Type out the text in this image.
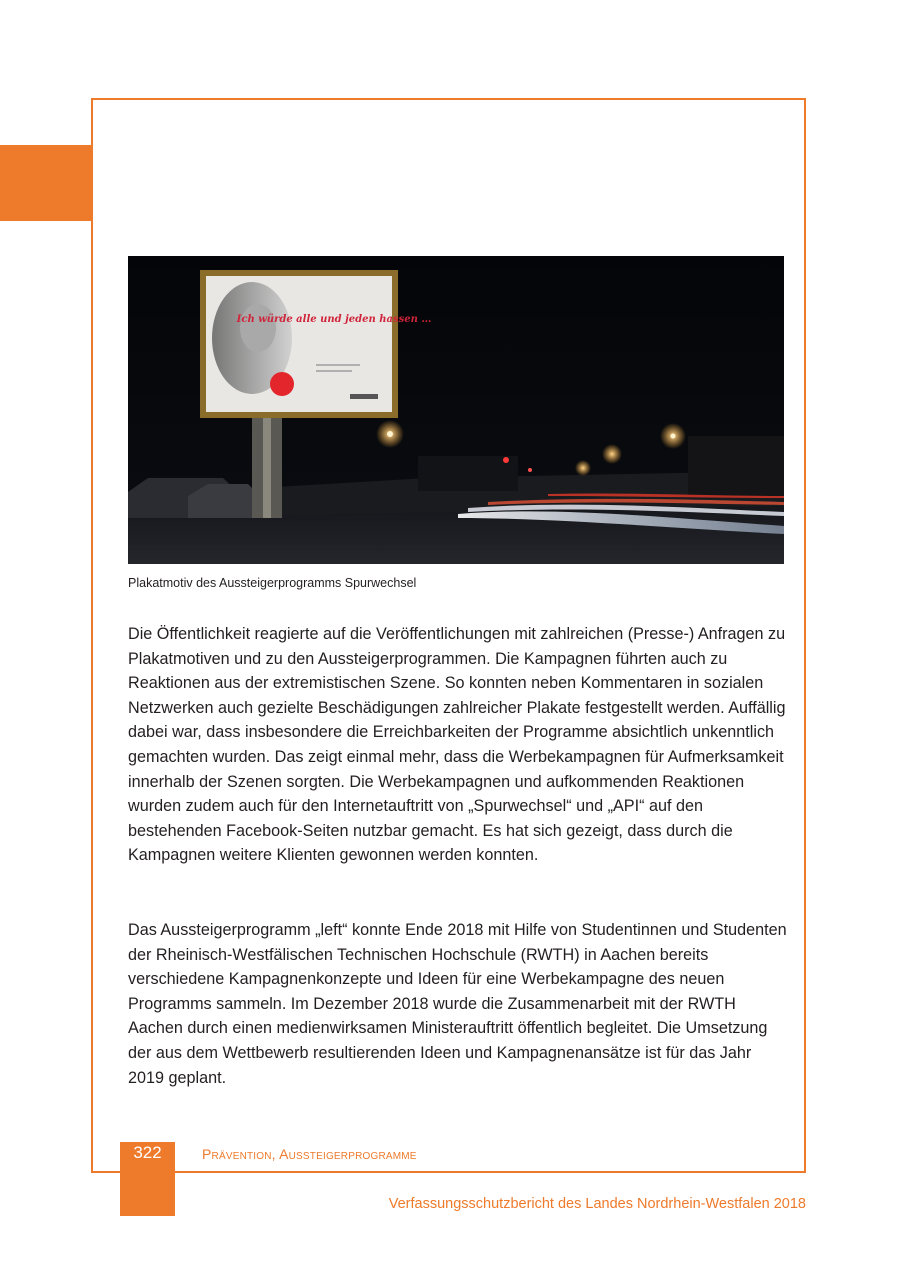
Ich würde alle und jeden hassen …
Plakatmotiv des Aussteigerprogramms Spurwechsel

Die Öffentlichkeit reagierte auf die Veröffentlichungen mit zahlreichen (Presse-) Anfragen zu Plakatmotiven und zu den Aussteigerprogrammen. Die Kampagnen führten auch zu Reaktionen aus der extremistischen Szene. So konnten neben Kommentaren in sozialen Netzwerken auch gezielte Beschädigungen zahlreicher Plakate festgestellt werden. Auffällig dabei war, dass insbesondere die Erreichbarkeiten der Programme absichtlich unkenntlich gemachten wurden. Das zeigt einmal mehr, dass die Werbekampagnen für Aufmerksamkeit innerhalb der Szenen sorgten. Die Werbekampagnen und aufkommenden Reaktionen wurden zudem auch für den Internetauftritt von „Spurwechsel“ und „API“ auf den bestehenden Facebook-Seiten nutzbar gemacht. Es hat sich gezeigt, dass durch die Kampagnen weitere Klienten gewonnen werden konnten.

Das Aussteigerprogramm „left“ konnte Ende 2018 mit Hilfe von Studentinnen und Studenten der Rheinisch-Westfälischen Technischen Hochschule (RWTH) in Aachen bereits verschiedene Kampagnenkonzepte und Ideen für eine Werbekampagne des neuen Programms sammeln. Im Dezember 2018 wurde die Zusammenarbeit mit der RWTH Aachen durch einen medienwirksamen Ministerauftritt öffentlich begleitet. Die Umsetzung der aus dem Wettbewerb resultierenden Ideen und Kampagnenansätze ist für das Jahr 2019 geplant.

322	Prävention, Aussteigerprogramme
Verfassungsschutzbericht des Landes Nordrhein-Westfalen 2018
